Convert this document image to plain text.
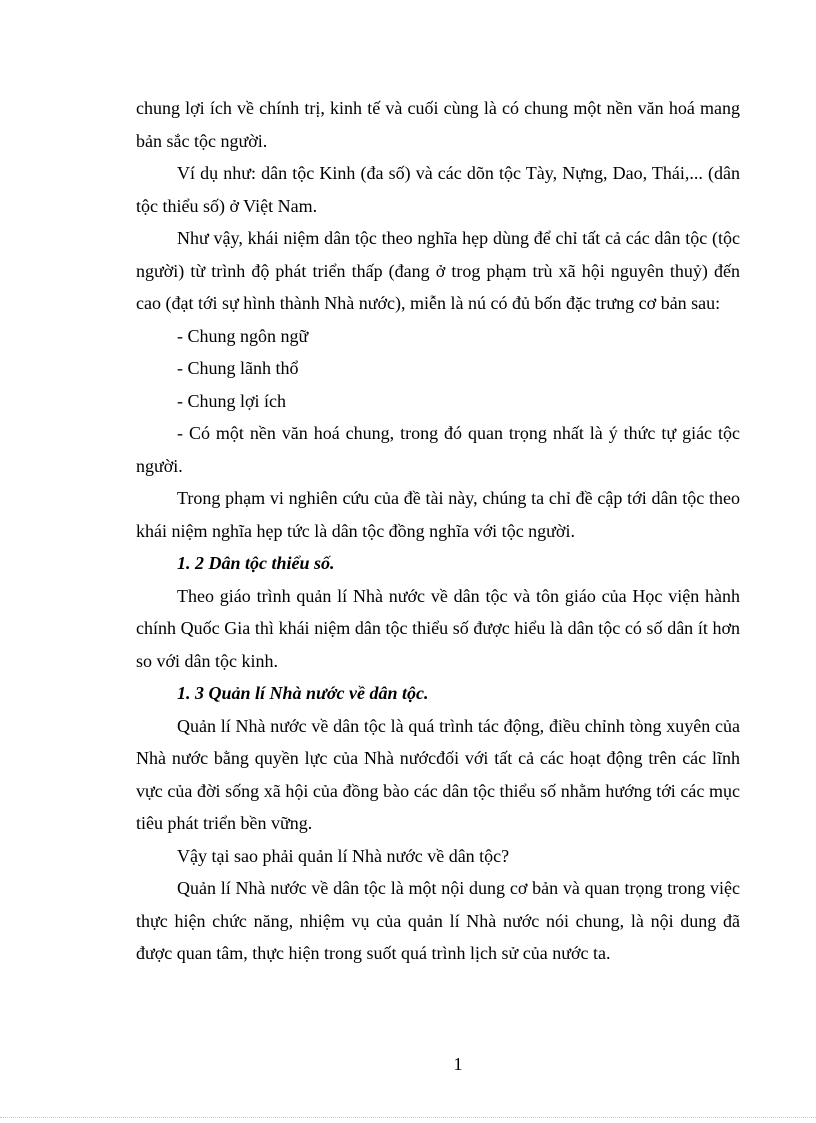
chung lợi ích về chính trị, kinh tế và cuối cùng là có chung một nền văn hoá mang bản sắc tộc người.

Ví dụ như: dân tộc Kinh (đa số) và các dõn tộc Tày, Nựng, Dao, Thái,... (dân tộc thiểu số) ở Việt Nam.

Như vậy, khái niệm dân tộc theo nghĩa hẹp dùng để chỉ tất cả các dân tộc (tộc người) từ trình độ phát triển thấp (đang ở trog phạm trù xã hội nguyên thuỷ) đến cao (đạt tới sự hình thành Nhà nước), miễn là nú có đủ bốn đặc trưng cơ bản sau:

- Chung ngôn ngữ

- Chung lãnh thổ

- Chung lợi ích

- Có một nền văn hoá chung, trong đó quan trọng nhất là ý thức tự giác tộc người.

Trong phạm vi nghiên cứu của đề tài này, chúng ta chỉ đề cập tới dân tộc theo khái niệm nghĩa hẹp tức là dân tộc đồng nghĩa với tộc người.

1. 2 Dân tộc thiểu số.

Theo giáo trình quản lí Nhà nước về dân tộc và tôn giáo của Học viện hành chính Quốc Gia thì khái niệm dân tộc thiểu số được hiểu là dân tộc có số dân ít hơn so với dân tộc kinh.

1. 3 Quản lí Nhà nước về dân tộc.

Quản lí Nhà nước về dân tộc là quá trình tác động, điều chỉnh tòng xuyên của Nhà nước bằng quyền lực của Nhà nướcđối với tất cả các hoạt động trên các lĩnh vực của đời sống xã hội của đồng bào các dân tộc thiểu số nhằm hướng tới các mục tiêu phát triển bền vững.

Vậy tại sao phải quản lí Nhà nước về dân tộc?

Quản lí Nhà nước về dân tộc là một nội dung cơ bản và quan trọng trong việc thực hiện chức năng, nhiệm vụ của quản lí Nhà nước nói chung, là nội dung đã được quan tâm, thực hiện trong suốt quá trình lịch sử của nước ta.

1
